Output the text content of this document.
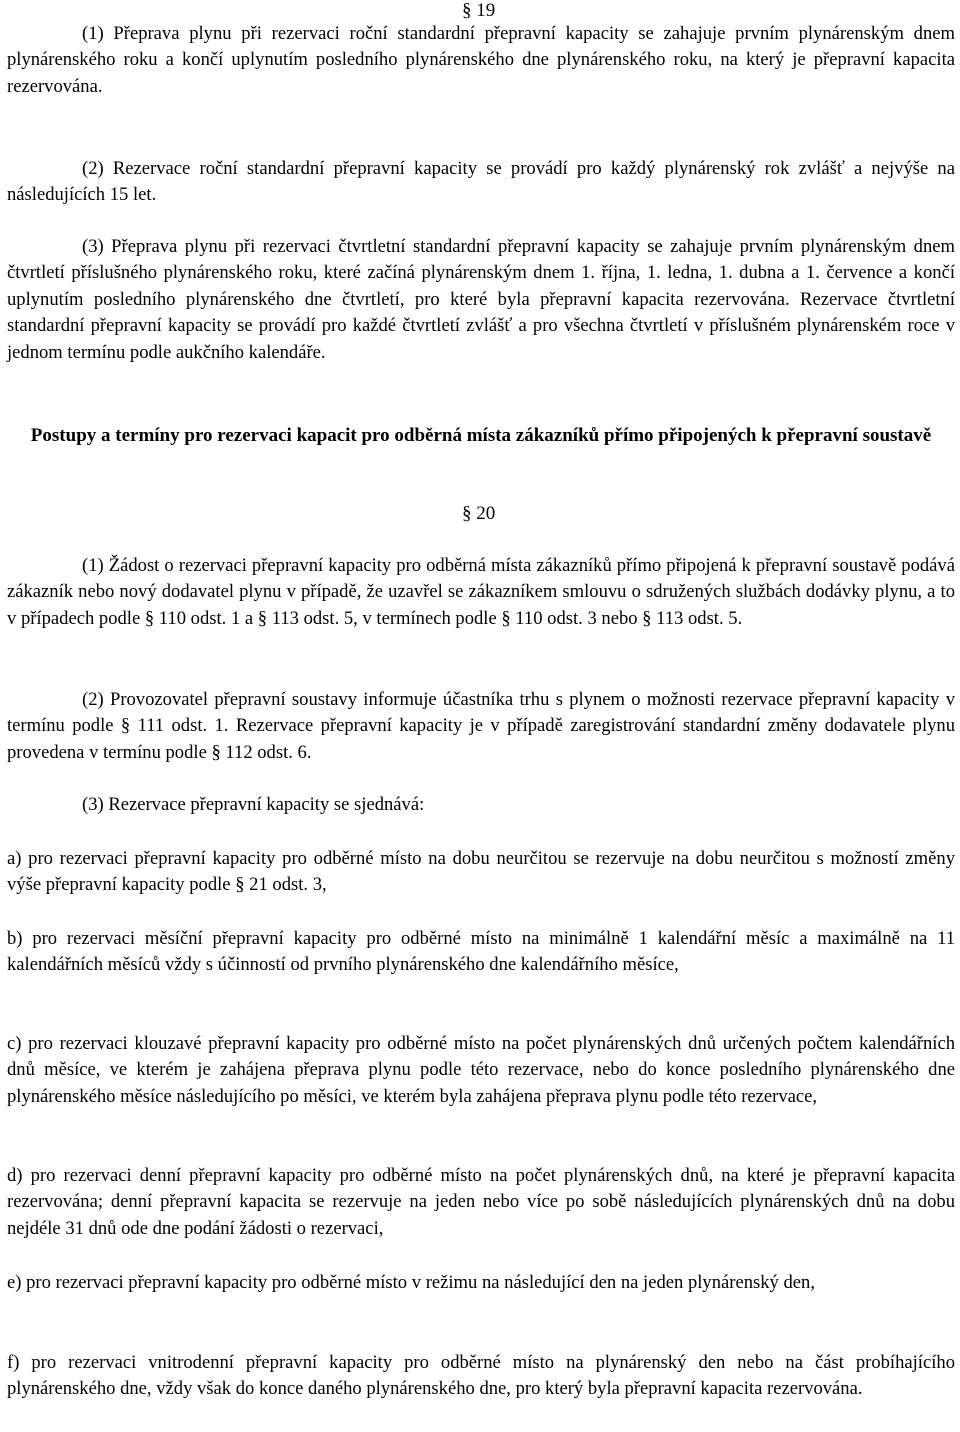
§ 19

(1) Přeprava plynu při rezervaci roční standardní přepravní kapacity se zahajuje prvním plynárenským dnem plynárenského roku a končí uplynutím posledního plynárenského dne plynárenského roku, na který je přepravní kapacita rezervována.

(2) Rezervace roční standardní přepravní kapacity se provádí pro každý plynárenský rok zvlášť a nejvýše na následujících 15 let.

(3) Přeprava plynu při rezervaci čtvrtletní standardní přepravní kapacity se zahajuje prvním plynárenským dnem čtvrtletí příslušného plynárenského roku, které začíná plynárenským dnem 1. října, 1. ledna, 1. dubna a 1. července a končí uplynutím posledního plynárenského dne čtvrtletí, pro které byla přepravní kapacita rezervována. Rezervace čtvrtletní standardní přepravní kapacity se provádí pro každé čtvrtletí zvlášť a pro všechna čtvrtletí v příslušném plynárenském roce v jednom termínu podle aukčního kalendáře.

Postupy a termíny pro rezervaci kapacit pro odběrná místa zákazníků přímo připojených k přepravní soustavě
§ 20

(1) Žádost o rezervaci přepravní kapacity pro odběrná místa zákazníků přímo připojená k přepravní soustavě podává zákazník nebo nový dodavatel plynu v případě, že uzavřel se zákazníkem smlouvu o sdružených službách dodávky plynu, a to v případech podle § 110 odst. 1 a § 113 odst. 5, v termínech podle § 110 odst. 3 nebo § 113 odst. 5.

(2) Provozovatel přepravní soustavy informuje účastníka trhu s plynem o možnosti rezervace přepravní kapacity v termínu podle § 111 odst. 1. Rezervace přepravní kapacity je v případě zaregistrování standardní změny dodavatele plynu provedena v termínu podle § 112 odst. 6.

(3) Rezervace přepravní kapacity se sjednává:

a) pro rezervaci přepravní kapacity pro odběrné místo na dobu neurčitou se rezervuje na dobu neurčitou s možností změny výše přepravní kapacity podle § 21 odst. 3,

b) pro rezervaci měsíční přepravní kapacity pro odběrné místo na minimálně 1 kalendářní měsíc a maximálně na 11 kalendářních měsíců vždy s účinností od prvního plynárenského dne kalendářního měsíce,

c) pro rezervaci klouzavé přepravní kapacity pro odběrné místo na počet plynárenských dnů určených počtem kalendářních dnů měsíce, ve kterém je zahájena přeprava plynu podle této rezervace, nebo do konce posledního plynárenského dne plynárenského měsíce následujícího po měsíci, ve kterém byla zahájena přeprava plynu podle této rezervace,

d) pro rezervaci denní přepravní kapacity pro odběrné místo na počet plynárenských dnů, na které je přepravní kapacita rezervována; denní přepravní kapacita se rezervuje na jeden nebo více po sobě následujících plynárenských dnů na dobu nejdéle 31 dnů ode dne podání žádosti o rezervaci,

e) pro rezervaci přepravní kapacity pro odběrné místo v režimu na následující den na jeden plynárenský den,

f) pro rezervaci vnitrodenní přepravní kapacity pro odběrné místo na plynárenský den nebo na část probíhajícího plynárenského dne, vždy však do konce daného plynárenského dne, pro který byla přepravní kapacita rezervována.
